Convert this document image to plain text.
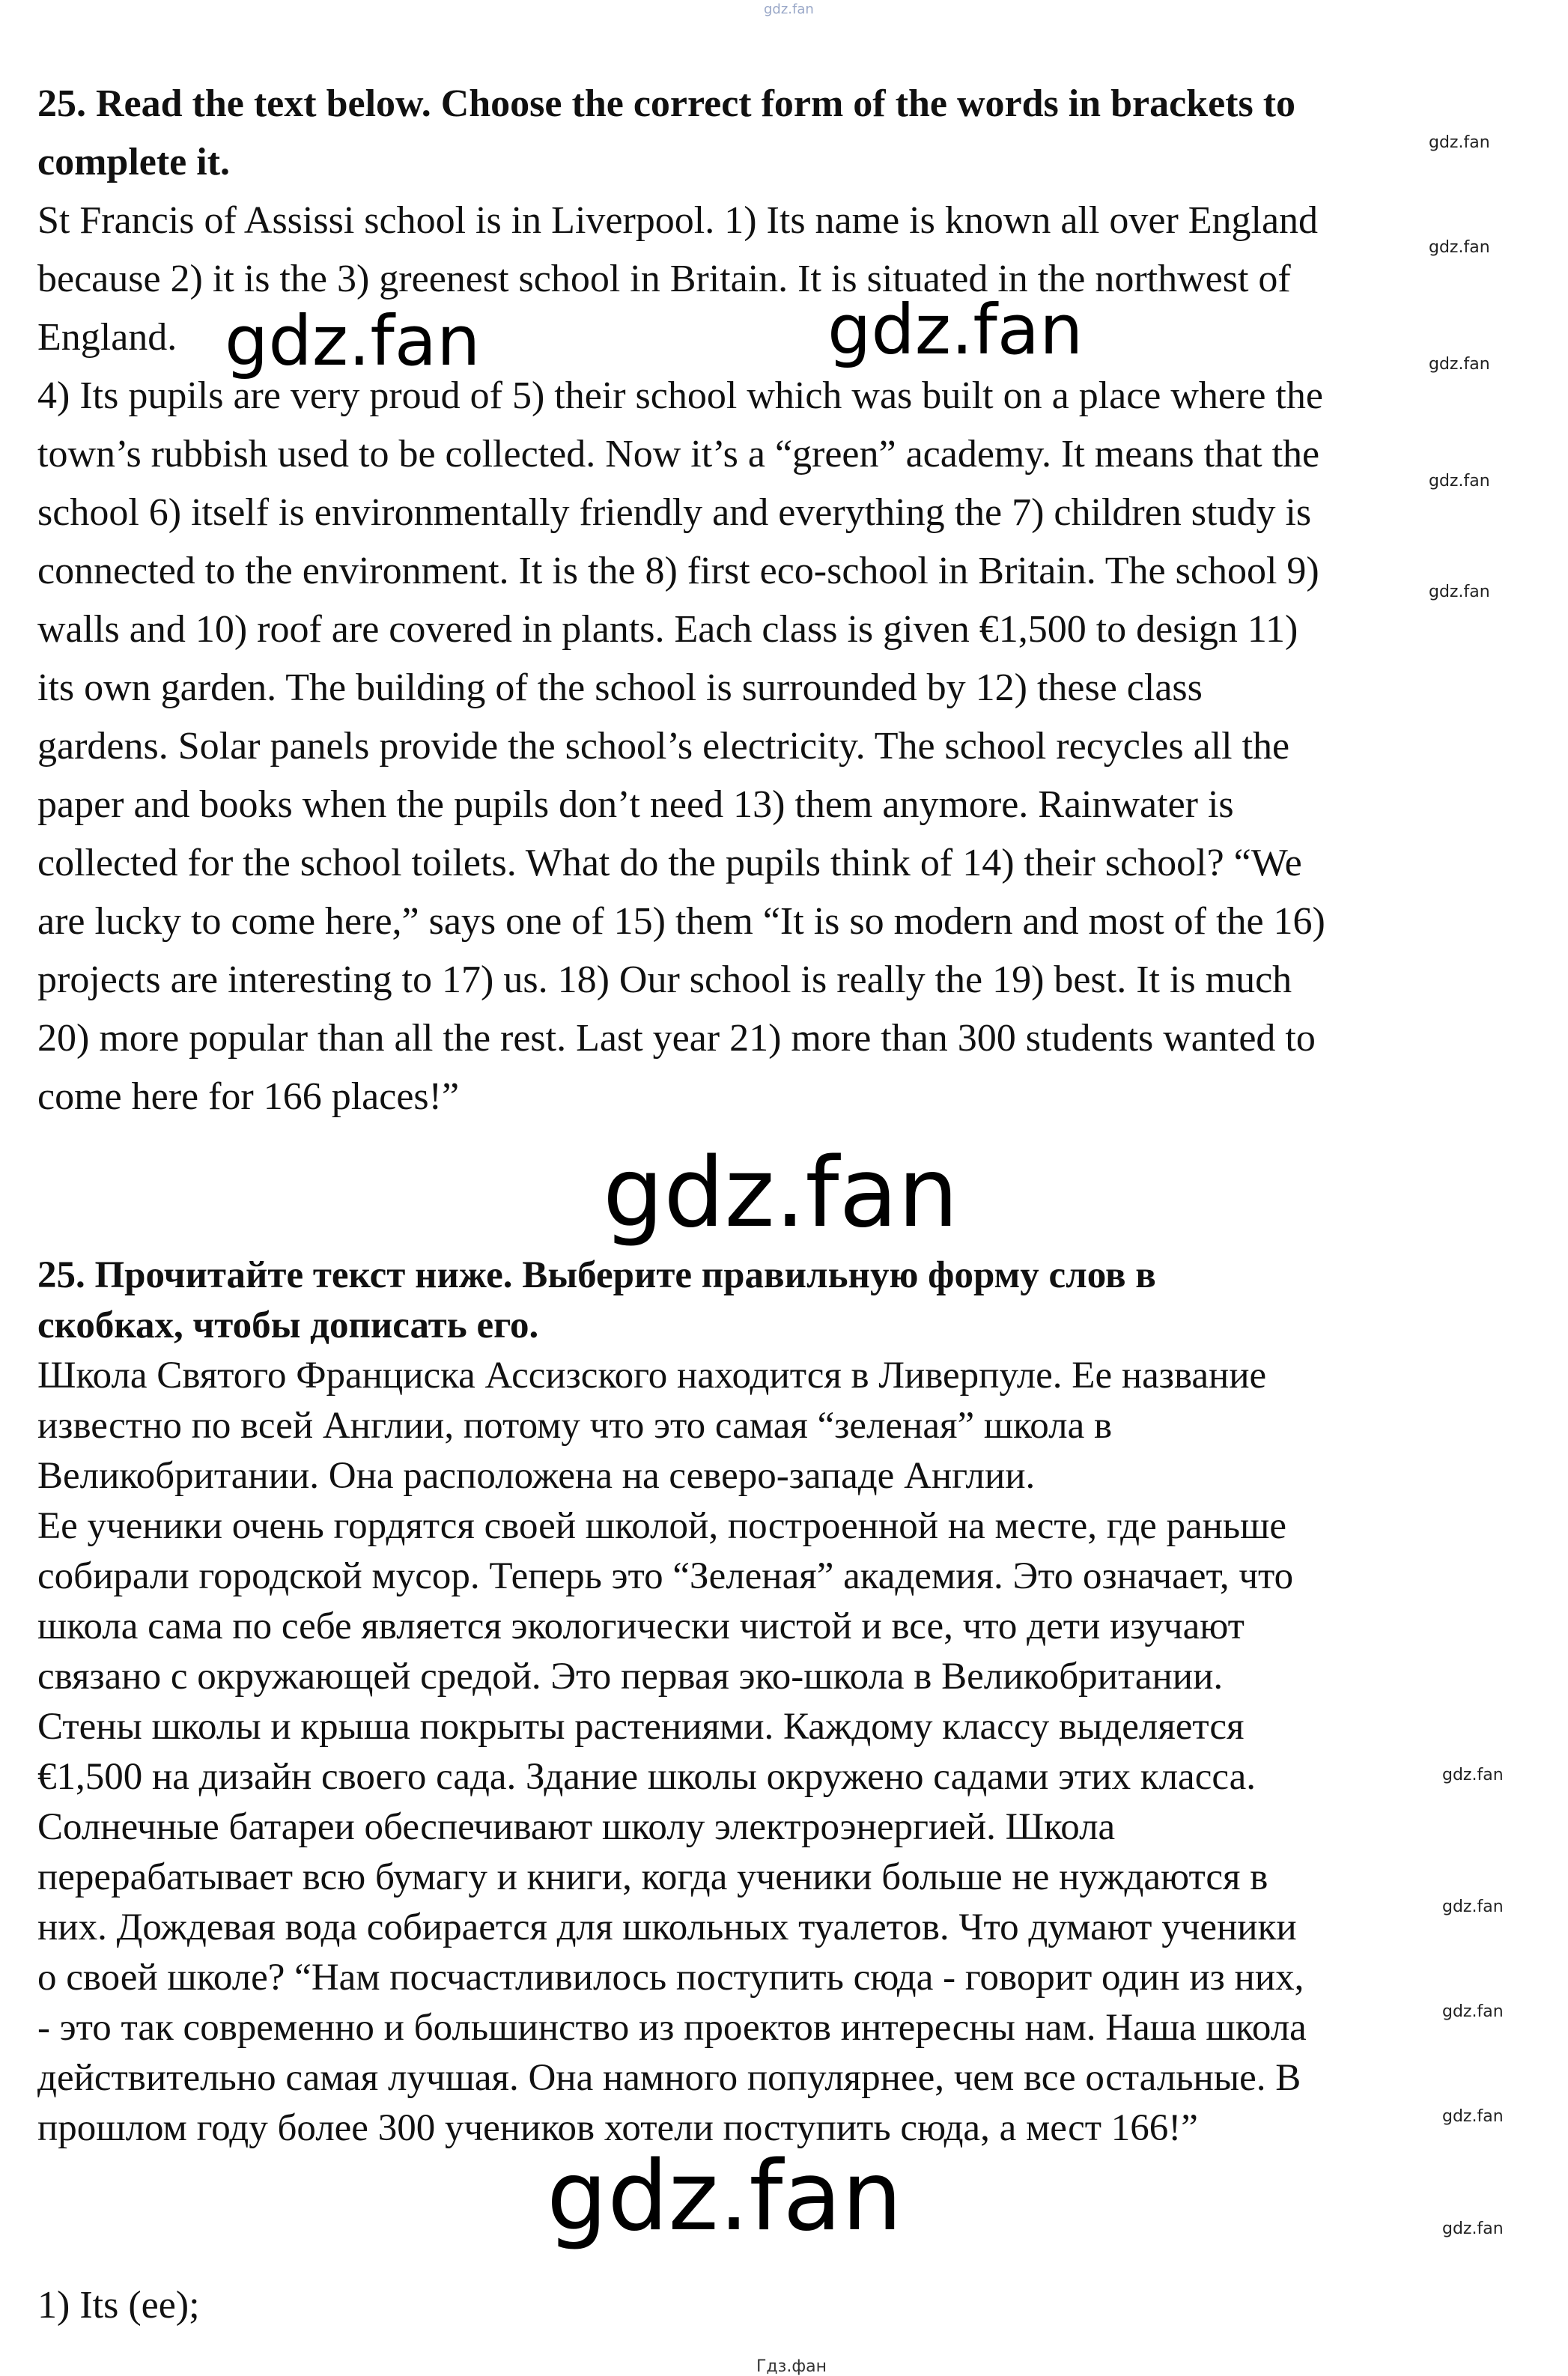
gdz.fan

25. Read the text below. Choose the correct form of the words in brackets to
complete it.

St Francis of Assissi school is in Liverpool. 1) Its name is known all over England
because 2) it is the 3) greenest school in Britain. It is situated in the northwest of
England.
4) Its pupils are very proud of 5) their school which was built on a place where the
town’s rubbish used to be collected. Now it’s a “green” academy. It means that the
school 6) itself is environmentally friendly and everything the 7) children study is
connected to the environment. It is the 8) first eco-school in Britain. The school 9)
walls and 10) roof are covered in plants. Each class is given €1,500 to design 11)
its own garden. The building of the school is surrounded by 12) these class
gardens. Solar panels provide the school’s electricity. The school recycles all the
paper and books when the pupils don’t need 13) them anymore. Rainwater is
collected for the school toilets. What do the pupils think of 14) their school? “We
are lucky to come here,” says one of 15) them “It is so modern and most of the 16)
projects are interesting to 17) us. 18) Our school is really the 19) best. It is much
20) more popular than all the rest. Last year 21) more than 300 students wanted to
come here for 166 places!”

25. Прочитайте текст ниже. Выберите правильную форму слов в
скобках, чтобы дописать его.

Школа Святого Франциска Ассизского находится в Ливерпуле. Ее название
известно по всей Англии, потому что это самая “зеленая” школа в
Великобритании. Она расположена на северо-западе Англии.
Ее ученики очень гордятся своей школой, построенной на месте, где раньше
собирали городской мусор. Теперь это “Зеленая” академия. Это означает, что
школа сама по себе является экологически чистой и все, что дети изучают
связано с окружающей средой. Это первая эко-школа в Великобритании.
Стены школы и крыша покрыты растениями. Каждому классу выделяется
€1,500 на дизайн своего сада. Здание школы окружено садами этих класса.
Солнечные батареи обеспечивают школу электроэнергией. Школа
перерабатывает всю бумагу и книги, когда ученики больше не нуждаются в
них. Дождевая вода собирается для школьных туалетов. Что думают ученики
о своей школе? “Нам посчастливилось поступить сюда - говорит один из них,
- это так современно и большинство из проектов интересны нам. Наша школа
действительно самая лучшая. Она намного популярнее, чем все остальные. В
прошлом году более 300 учеников хотели поступить сюда, а мест 166!”

1) Its (ee);

gdz.fan	gdz.fan
gdz.fan
gdz.fan
gdz.fan
gdz.fan
gdz.fan
gdz.fan
gdz.fan
gdz.fan
gdz.fan
gdz.fan
gdz.fan
gdz.fan
Гдз.фан
